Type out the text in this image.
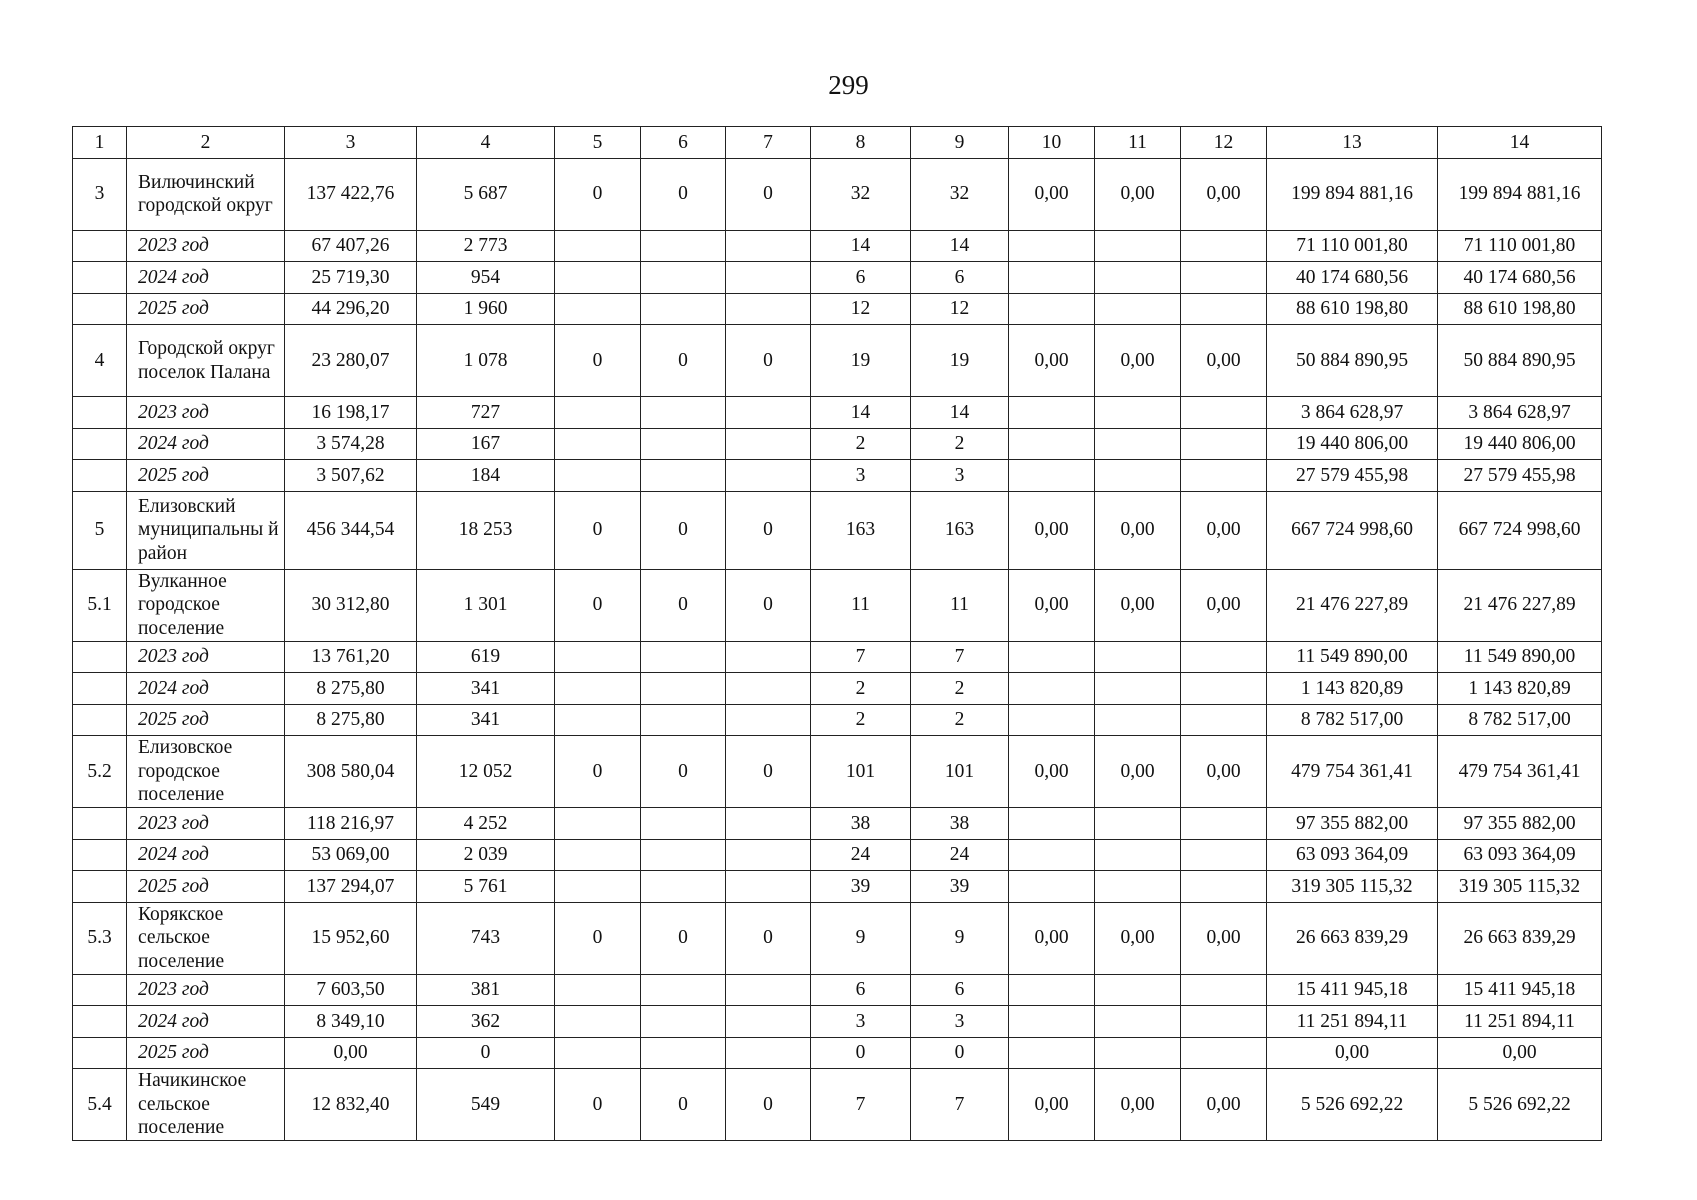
299
1	2	3	4	5	6	7	8	9	10	11	12	13	14
3	Вилючинский городской округ	137 422,76	5 687	0	0	0	32	32	0,00	0,00	0,00	199 894 881,16	199 894 881,16
	2023 год	67 407,26	2 773				14	14				71 110 001,80	71 110 001,80
	2024 год	25 719,30	954				6	6				40 174 680,56	40 174 680,56
	2025 год	44 296,20	1 960				12	12				88 610 198,80	88 610 198,80
4	Городской округ поселок Палана	23 280,07	1 078	0	0	0	19	19	0,00	0,00	0,00	50 884 890,95	50 884 890,95
	2023 год	16 198,17	727				14	14				3 864 628,97	3 864 628,97
	2024 год	3 574,28	167				2	2				19 440 806,00	19 440 806,00
	2025 год	3 507,62	184				3	3				27 579 455,98	27 579 455,98
5	Елизовский муниципальны й район	456 344,54	18 253	0	0	0	163	163	0,00	0,00	0,00	667 724 998,60	667 724 998,60
5.1	Вулканное городское поселение	30 312,80	1 301	0	0	0	11	11	0,00	0,00	0,00	21 476 227,89	21 476 227,89
	2023 год	13 761,20	619				7	7				11 549 890,00	11 549 890,00
	2024 год	8 275,80	341				2	2				1 143 820,89	1 143 820,89
	2025 год	8 275,80	341				2	2				8 782 517,00	8 782 517,00
5.2	Елизовское городское поселение	308 580,04	12 052	0	0	0	101	101	0,00	0,00	0,00	479 754 361,41	479 754 361,41
	2023 год	118 216,97	4 252				38	38				97 355 882,00	97 355 882,00
	2024 год	53 069,00	2 039				24	24				63 093 364,09	63 093 364,09
	2025 год	137 294,07	5 761				39	39				319 305 115,32	319 305 115,32
5.3	Корякское сельское поселение	15 952,60	743	0	0	0	9	9	0,00	0,00	0,00	26 663 839,29	26 663 839,29
	2023 год	7 603,50	381				6	6				15 411 945,18	15 411 945,18
	2024 год	8 349,10	362				3	3				11 251 894,11	11 251 894,11
	2025 год	0,00	0				0	0				0,00	0,00
5.4	Начикинское сельское поселение	12 832,40	549	0	0	0	7	7	0,00	0,00	0,00	5 526 692,22	5 526 692,22
